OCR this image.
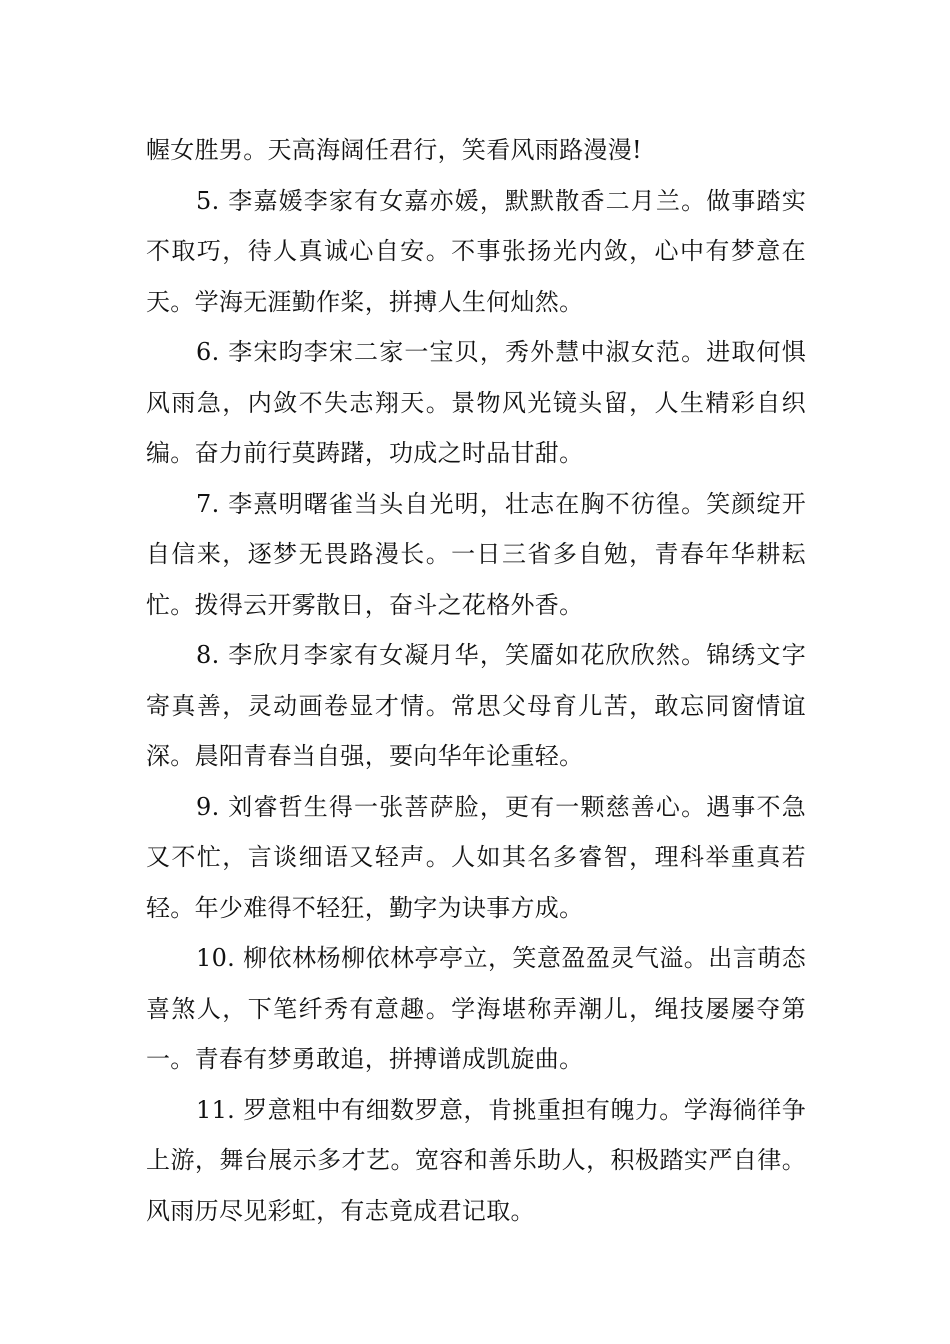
幄女胜男。天高海阔任君行，笑看风雨路漫漫!

5. 李嘉媛李家有女嘉亦媛，默默散香二月兰。做事踏实不取巧，待人真诚心自安。不事张扬光内敛，心中有梦意在天。学海无涯勤作桨，拼搏人生何灿然。

6. 李宋昀李宋二家一宝贝，秀外慧中淑女范。进取何惧风雨急，内敛不失志翔天。景物风光镜头留，人生精彩自织编。奋力前行莫踌躇，功成之时品甘甜。

7. 李熹明曙雀当头自光明，壮志在胸不彷徨。笑颜绽开自信来，逐梦无畏路漫长。一日三省多自勉，青春年华耕耘忙。拨得云开雾散日，奋斗之花格外香。

8. 李欣月李家有女凝月华，笑靥如花欣欣然。锦绣文字寄真善，灵动画卷显才情。常思父母育儿苦，敢忘同窗情谊深。晨阳青春当自强，要向华年论重轻。

9. 刘睿哲生得一张菩萨脸，更有一颗慈善心。遇事不急又不忙，言谈细语又轻声。人如其名多睿智，理科举重真若轻。年少难得不轻狂，勤字为诀事方成。

10. 柳依林杨柳依林亭亭立，笑意盈盈灵气溢。出言萌态喜煞人，下笔纤秀有意趣。学海堪称弄潮儿，绳技屡屡夺第一。青春有梦勇敢追，拼搏谱成凯旋曲。

11. 罗意粗中有细数罗意，肯挑重担有魄力。学海徜徉争上游，舞台展示多才艺。宽容和善乐助人，积极踏实严自律。风雨历尽见彩虹，有志竟成君记取。
